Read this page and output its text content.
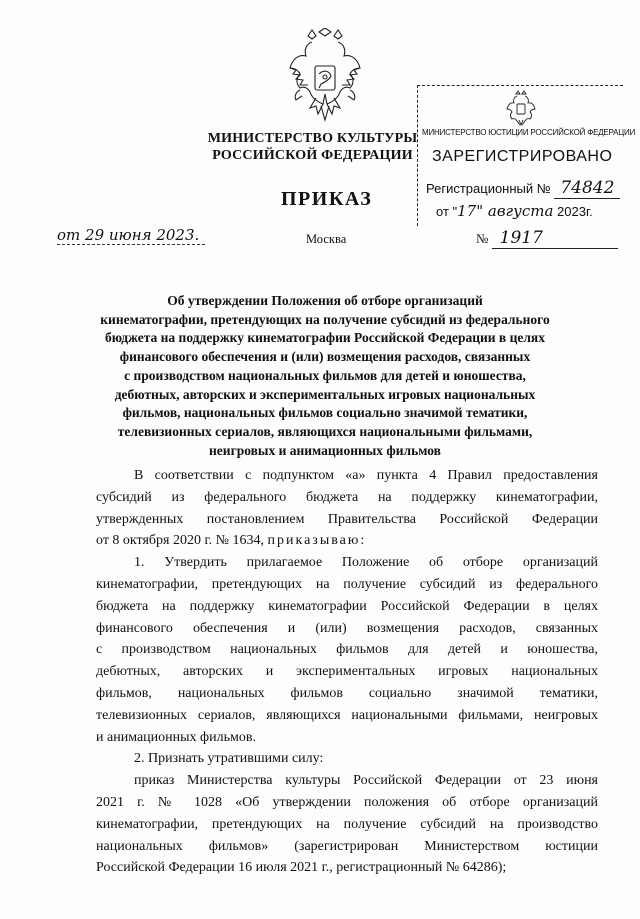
МИНИСТЕРСТВО КУЛЬТУРЫ
РОССИЙСКОЙ ФЕДЕРАЦИИ
МИНИСТЕРСТВО ЮСТИЦИИ РОССИЙСКОЙ ФЕДЕРАЦИИ
ЗАРЕГИСТРИРОВАНО
Регистрационный № 74842
от "17" августа 2023г.
ПРИКАЗ
от 29 июня 2023.	Москва	№ 1917
Об утверждении Положения об отборе организаций
кинематографии, претендующих на получение субсидий из федерального
бюджета на поддержку кинематографии Российской Федерации в целях
финансового обеспечения и (или) возмещения расходов, связанных
с производством национальных фильмов для детей и юношества,
дебютных, авторских и экспериментальных игровых национальных
фильмов, национальных фильмов социально значимой тематики,
телевизионных сериалов, являющихся национальными фильмами,
неигровых и анимационных фильмов
В соответствии с подпунктом «а» пункта 4 Правил предоставления
субсидий из федерального бюджета на поддержку кинематографии,
утвержденных постановлением Правительства Российской Федерации
от 8 октября 2020 г. № 1634, приказываю:
1. Утвердить прилагаемое Положение об отборе организаций
кинематографии, претендующих на получение субсидий из федерального
бюджета на поддержку кинематографии Российской Федерации в целях
финансового обеспечения и (или) возмещения расходов, связанных
с производством национальных фильмов для детей и юношества,
дебютных, авторских и экспериментальных игровых национальных
фильмов, национальных фильмов социально значимой тематики,
телевизионных сериалов, являющихся национальными фильмами, неигровых
и анимационных фильмов.
2. Признать утратившими силу:
приказ Министерства культуры Российской Федерации от 23 июня
2021 г. № 1028 «Об утверждении положения об отборе организаций
кинематографии, претендующих на получение субсидий на производство
национальных фильмов» (зарегистрирован Министерством юстиции
Российской Федерации 16 июля 2021 г., регистрационный № 64286);
